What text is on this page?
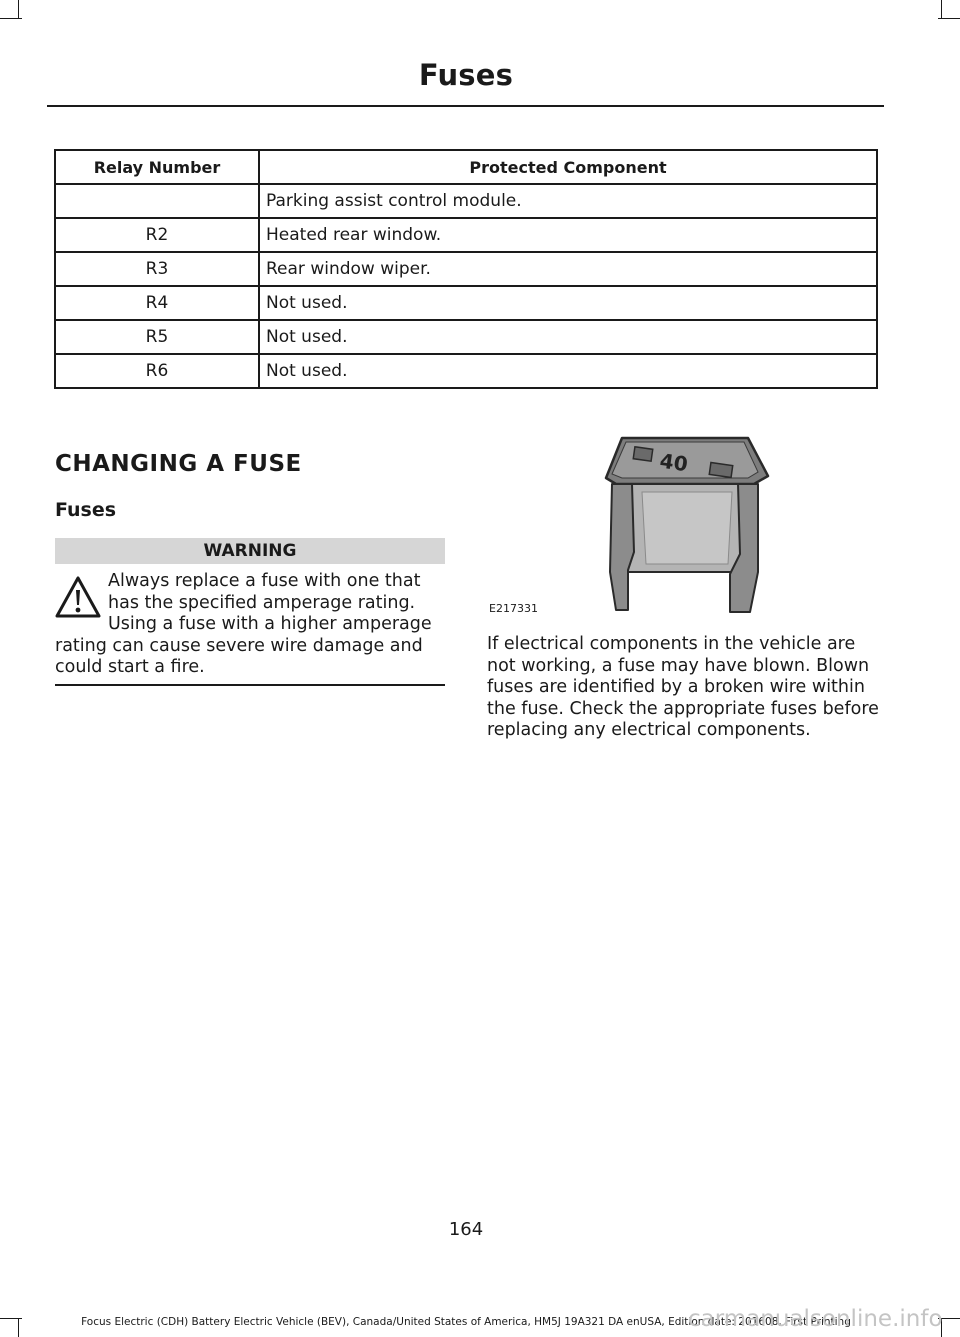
Fuses
Relay Number	Protected Component
	Parking assist control module.
R2	Heated rear window.
R3	Rear window wiper.
R4	Not used.
R5	Not used.
R6	Not used.
CHANGING A FUSE
Fuses
WARNING
Always replace a fuse with one that has the specified amperage rating. Using a fuse with a higher amperage rating can cause severe wire damage and could start a fire.
40
E217331
If electrical components in the vehicle are not working, a fuse may have blown. Blown fuses are identified by a broken wire within the fuse. Check the appropriate fuses before replacing any electrical components.
164
Focus Electric (CDH) Battery Electric Vehicle (BEV), Canada/United States of America, HM5J 19A321 DA enUSA, Edition date: 201608, First Printing
carmanualsonline.info
